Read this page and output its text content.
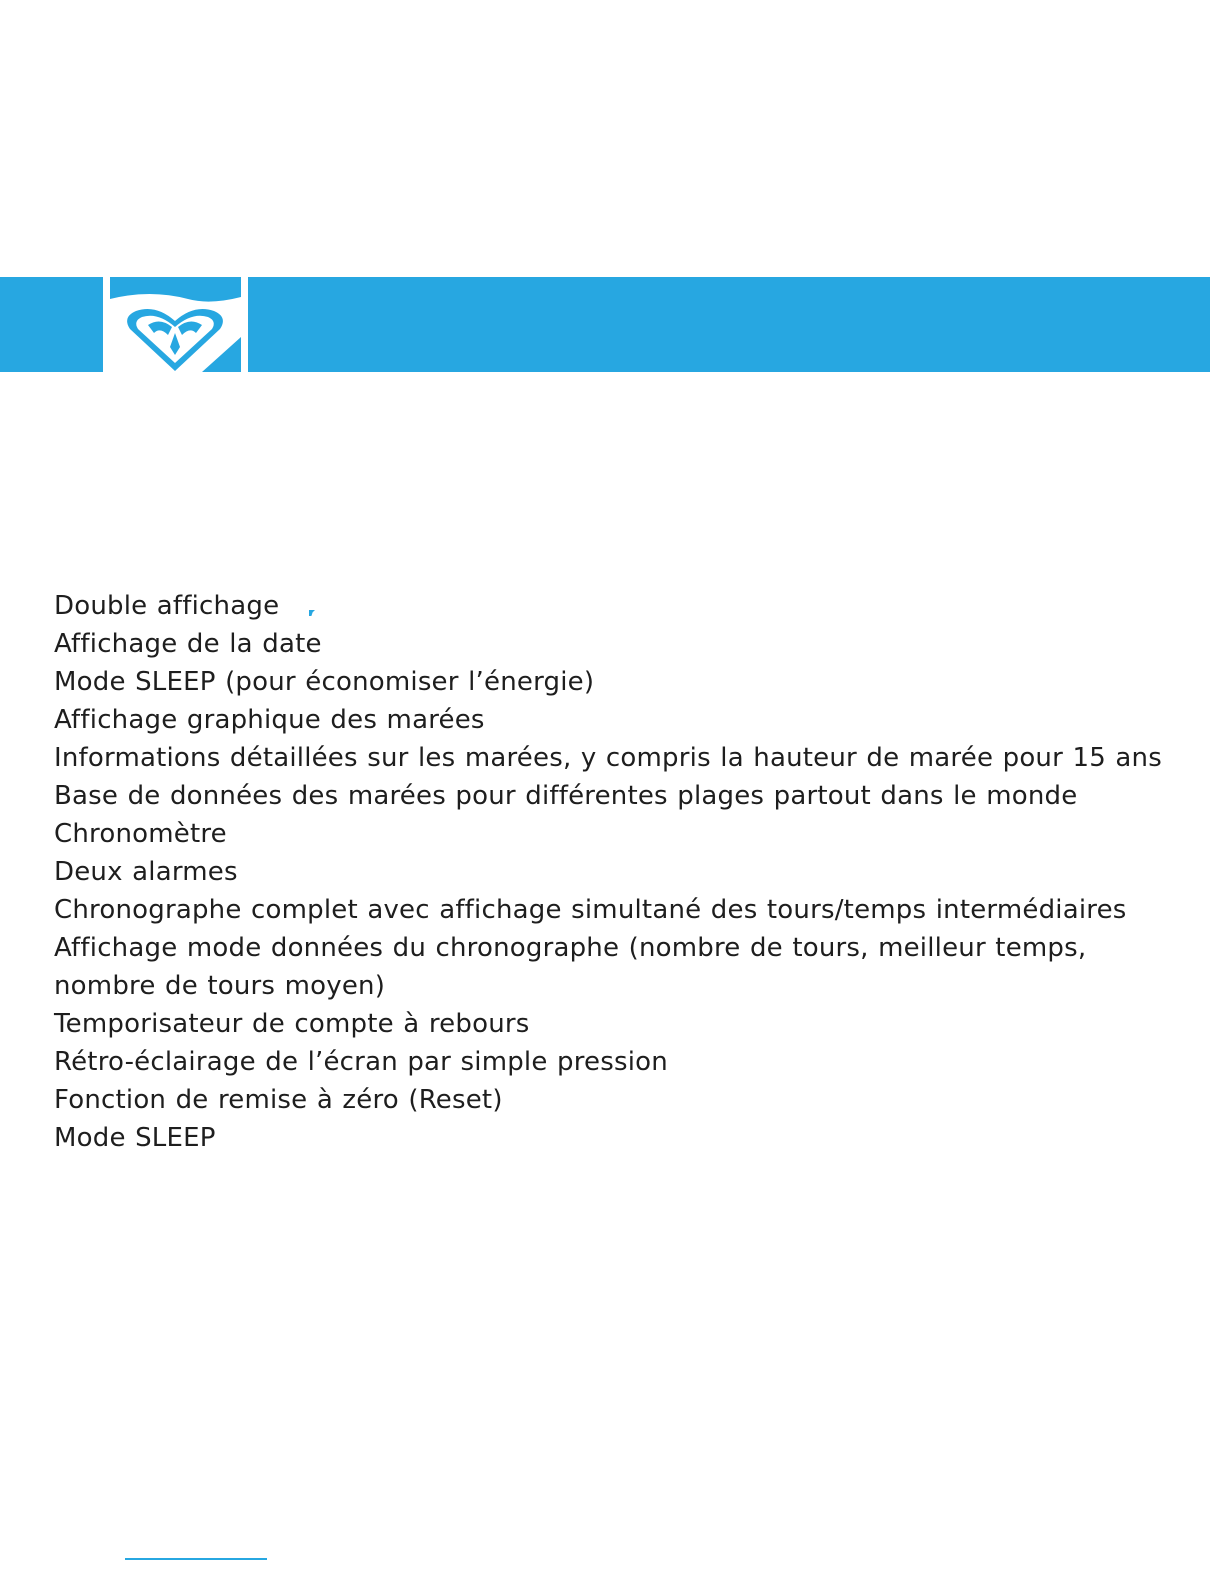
Double affichage
Affichage de la date
Mode SLEEP (pour économiser l’énergie)
Affichage graphique des marées
Informations détaillées sur les marées, y compris la hauteur de marée pour 15 ans
Base de données des marées pour différentes plages partout dans le monde
Chronomètre
Deux alarmes
Chronographe complet avec affichage simultané des tours/temps intermédiaires
Affichage mode données du chronographe (nombre de tours, meilleur temps, nombre de tours moyen)
Temporisateur de compte à rebours
Rétro-éclairage de l’écran par simple pression
Fonction de remise à zéro (Reset)
Mode SLEEP
